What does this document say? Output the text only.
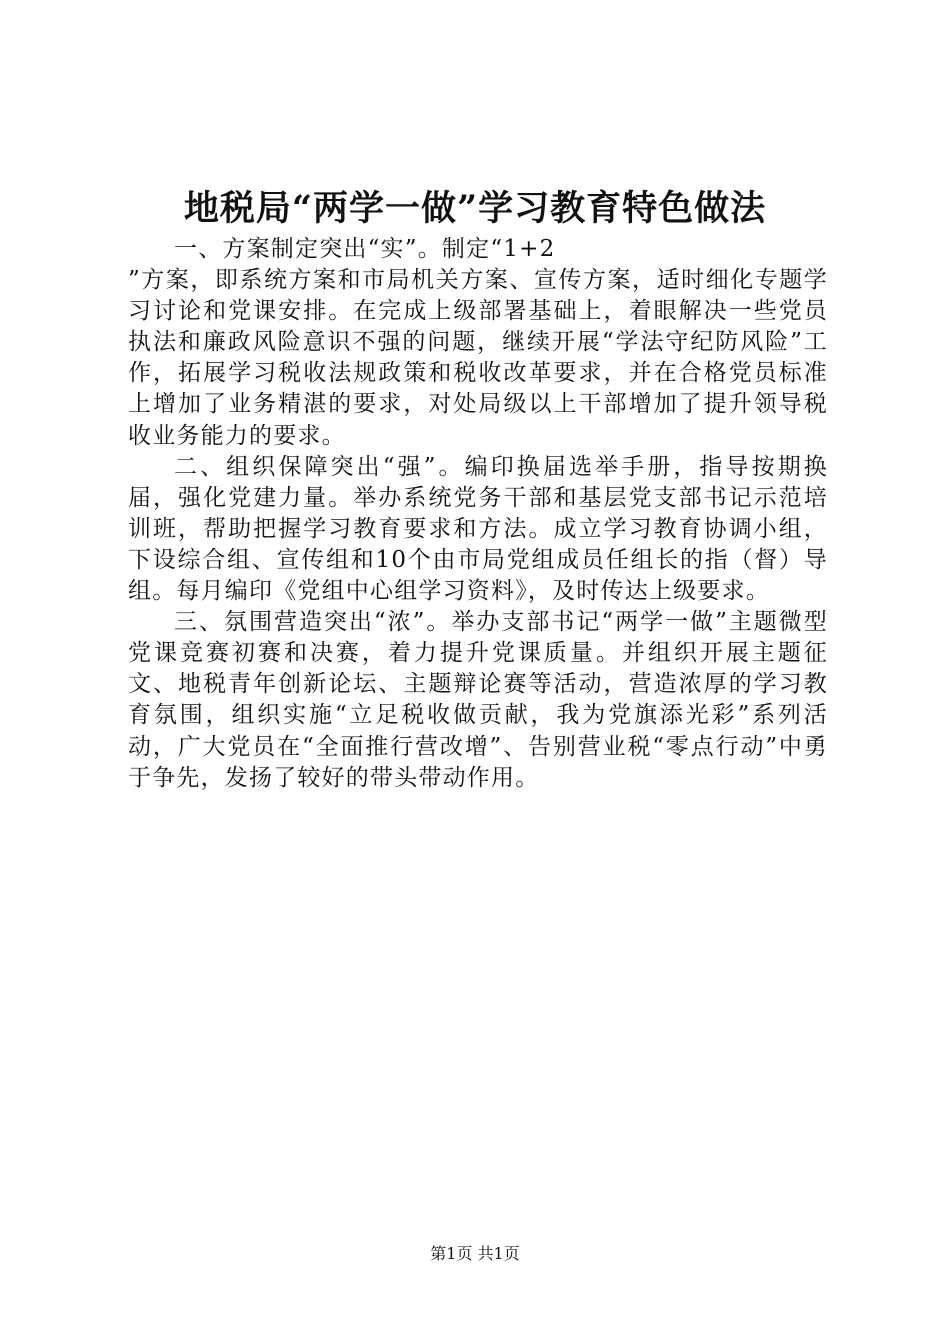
地税局“两学一做”学习教育特色做法

一、方案制定突出“实”。制定“1+2
”方案，即系统方案和市局机关方案、宣传方案，适时细化专题学习讨论和党课安排。在完成上级部署基础上，着眼解决一些党员执法和廉政风险意识不强的问题，继续开展“学法守纪防风险”工作，拓展学习税收法规政策和税收改革要求，并在合格党员标准上增加了业务精湛的要求，对处局级以上干部增加了提升领导税收业务能力的要求。

二、组织保障突出“强”。编印换届选举手册，指导按期换届，强化党建力量。举办系统党务干部和基层党支部书记示范培训班，帮助把握学习教育要求和方法。成立学习教育协调小组，下设综合组、宣传组和10个由市局党组成员任组长的指（督）导组。每月编印《党组中心组学习资料》，及时传达上级要求。

三、氛围营造突出“浓”。举办支部书记“两学一做”主题微型党课竞赛初赛和决赛，着力提升党课质量。并组织开展主题征文、地税青年创新论坛、主题辩论赛等活动，营造浓厚的学习教育氛围，组织实施“立足税收做贡献，我为党旗添光彩”系列活动，广大党员在“全面推行营改增”、告别营业税“零点行动”中勇于争先，发扬了较好的带头带动作用。

第1页 共1页
